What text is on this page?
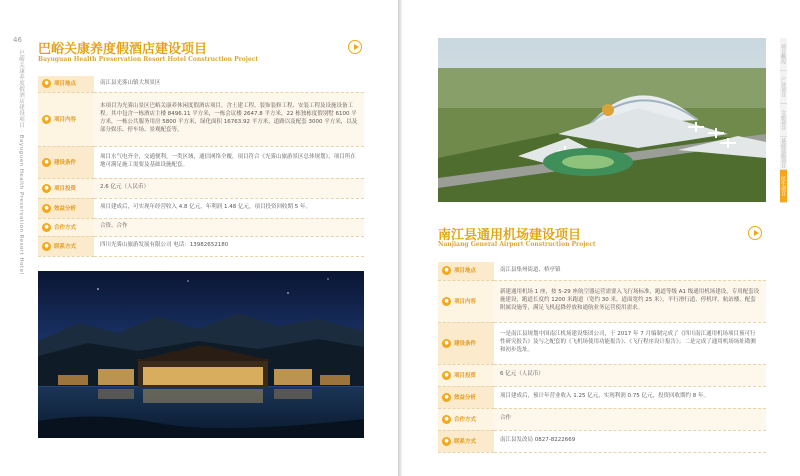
46
巴峪关康养度假酒店建设项目 · Bayuguan Health Preservation Resort Hotel
巴峪关康养度假酒店建设项目
Bayuguan Health Preservation Resort Hotel Construction Project
● 项目地点	南江县光雾山镇大坝景区
● 项目内容	本项目为光雾山景区巴峪关康养休闲度假酒店项目，含土建工程、装饰装修工程、安装工程及设施设备工程。其中包含一栋酒店主楼 8496.11 平方米，一栋会议楼 2647.8 平方米，22 栋独栋度假别墅 6100 平方米，一栋公共服务用房 5800 平方米，绿化面积 16763.92 平方米，道路以及配套 3000 平方米，以及部分娱乐、停车场、景观配套等。
● 建设条件	项目水气电齐全，交通便利，一类区域，通信网络全覆，项目符合《光雾山旅游景区总体规划》，项目所在地可满足施工需要及基础设施配套。
● 项目投资	2.6 亿元（人民币）
● 效益分析	项目建成后，可实现年经营收入 4.8 亿元，年利润 1.48 亿元，项目投资回收期 5 年。
● 合作方式	合资、合作
● 联系方式	四川光雾山旅游发展有限公司 电话：13982652180
南江县通用机场建设项目
Nanjiang General Airport Construction Project
● 项目地点	南江县集州街道、桥亭镇
● 项目内容	新建通用机场 1 座，按 5-29 座航空器运营需要入飞行场标准，跑道等级 A1 级通用机场建设，专用配套设施建设，跑道长度约 1200 米跑道（宽约 30 米，道面宽约 25 米），平行滑行道、停机坪、航站楼、配套附属设施等，满足飞机起降停放和通航业务运营使用需求。
● 建设条件	一是南江县规划中国南江机场建设集团公司，于 2017 年 7 月编制完成了《四川南江通用机场项目预可行性研究报告》及与之配套的《飞机场使用功能报告》、《飞行程序设计报告》；二是完成了通用机场场址勘测和初步选址。
● 项目投资	6 亿元（人民币）
● 效益分析	项目建成后，预计年营业收入 1.25 亿元，实现利润 0.75 亿元，投资回收期约 8 年。
● 合作方式	合作
● 联系方式	南江县发改局 0827-8222669
项目概况
产业项目
文旅项目
基础设施项目
民生项目
